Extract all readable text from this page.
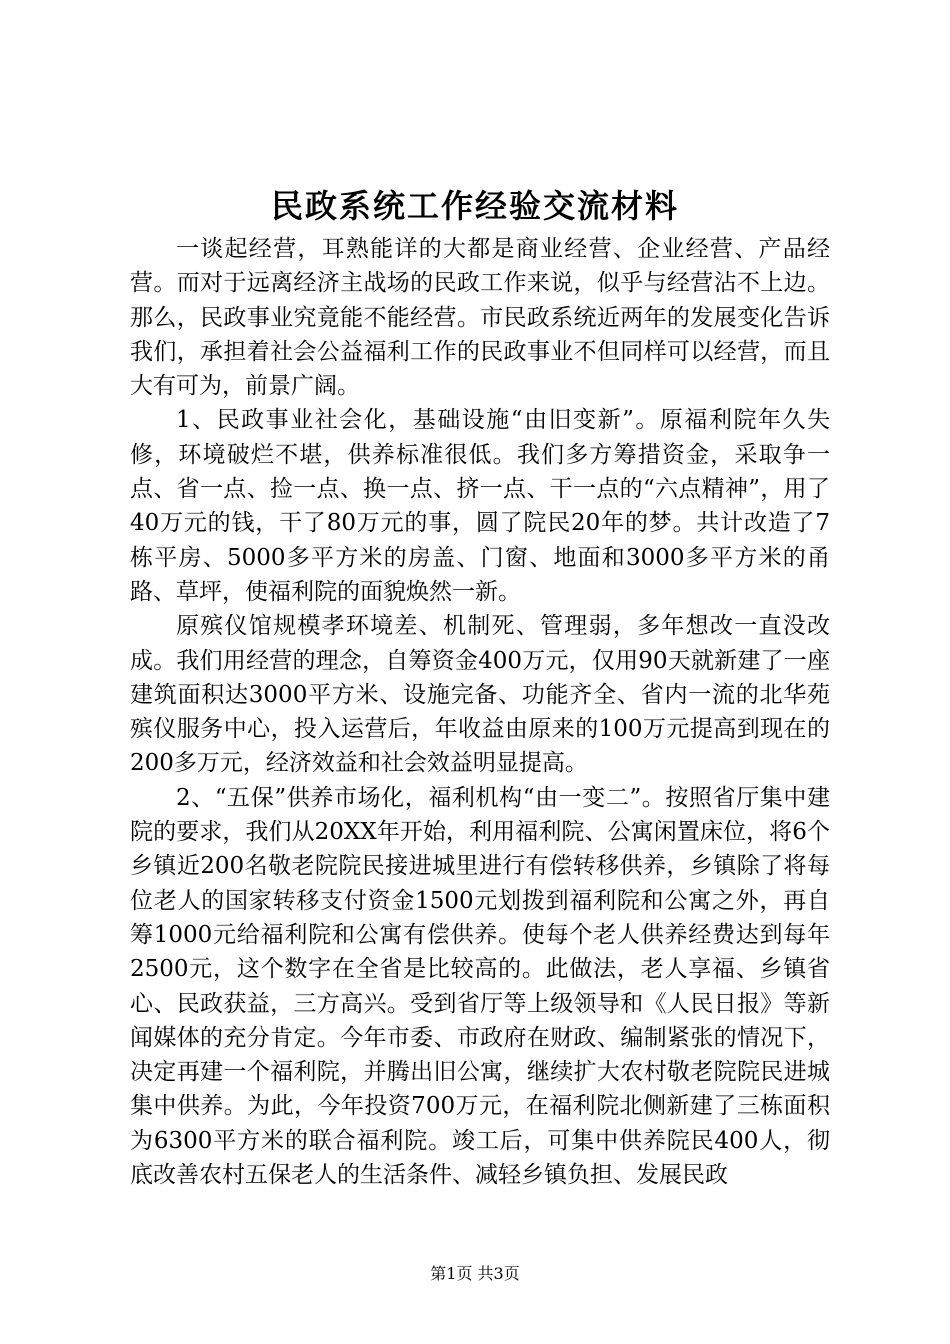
民政系统工作经验交流材料

一谈起经营，耳熟能详的大都是商业经营、企业经营、产品经营。而对于远离经济主战场的民政工作来说，似乎与经营沾不上边。那么，民政事业究竟能不能经营。市民政系统近两年的发展变化告诉我们，承担着社会公益福利工作的民政事业不但同样可以经营，而且大有可为，前景广阔。

1、民政事业社会化，基础设施“由旧变新”。原福利院年久失修，环境破烂不堪，供养标准很低。我们多方筹措资金，采取争一点、省一点、捡一点、换一点、挤一点、干一点的“六点精神”，用了40万元的钱，干了80万元的事，圆了院民20年的梦。共计改造了7栋平房、5000多平方米的房盖、门窗、地面和3000多平方米的甬路、草坪，使福利院的面貌焕然一新。

原殡仪馆规模孝环境差、机制死、管理弱，多年想改一直没改成。我们用经营的理念，自筹资金400万元，仅用90天就新建了一座建筑面积达3000平方米、设施完备、功能齐全、省内一流的北华苑殡仪服务中心，投入运营后，年收益由原来的100万元提高到现在的200多万元，经济效益和社会效益明显提高。

2、“五保”供养市场化，福利机构“由一变二”。按照省厅集中建院的要求，我们从20XX年开始，利用福利院、公寓闲置床位，将6个乡镇近200名敬老院院民接进城里进行有偿转移供养，乡镇除了将每位老人的国家转移支付资金1500元划拨到福利院和公寓之外，再自筹1000元给福利院和公寓有偿供养。使每个老人供养经费达到每年2500元，这个数字在全省是比较高的。此做法，老人享福、乡镇省心、民政获益，三方高兴。受到省厅等上级领导和《人民日报》等新闻媒体的充分肯定。今年市委、市政府在财政、编制紧张的情况下，决定再建一个福利院，并腾出旧公寓，继续扩大农村敬老院院民进城集中供养。为此，今年投资700万元，在福利院北侧新建了三栋面积为6300平方米的联合福利院。竣工后，可集中供养院民400人，彻底改善农村五保老人的生活条件、减轻乡镇负担、发展民政

第1页 共3页
